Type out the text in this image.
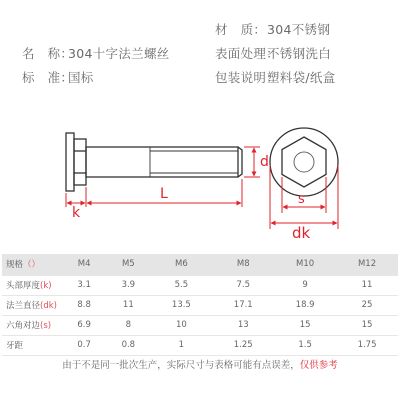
材　质：304不锈钢
名　称：304十字法兰螺丝	表面处理：不锈钢洗白
标　准：国标	包装说明：塑料袋/纸盒
k
L
d
s
dk
规格（）	M4	M5	M6	M8	M10	M12
头部厚度(k)	3.1	3.9	5.5	7.5	9	11
法兰直径(dk)	8.8	11	13.5	17.1	18.9	25
六角对边(s)	6.9	8	10	13	15	15
牙距	0.7	0.8	1	1.25	1.5	1.75
由于不是同一批次生产，实际尺寸与表格可能有点误差，仅供参考
